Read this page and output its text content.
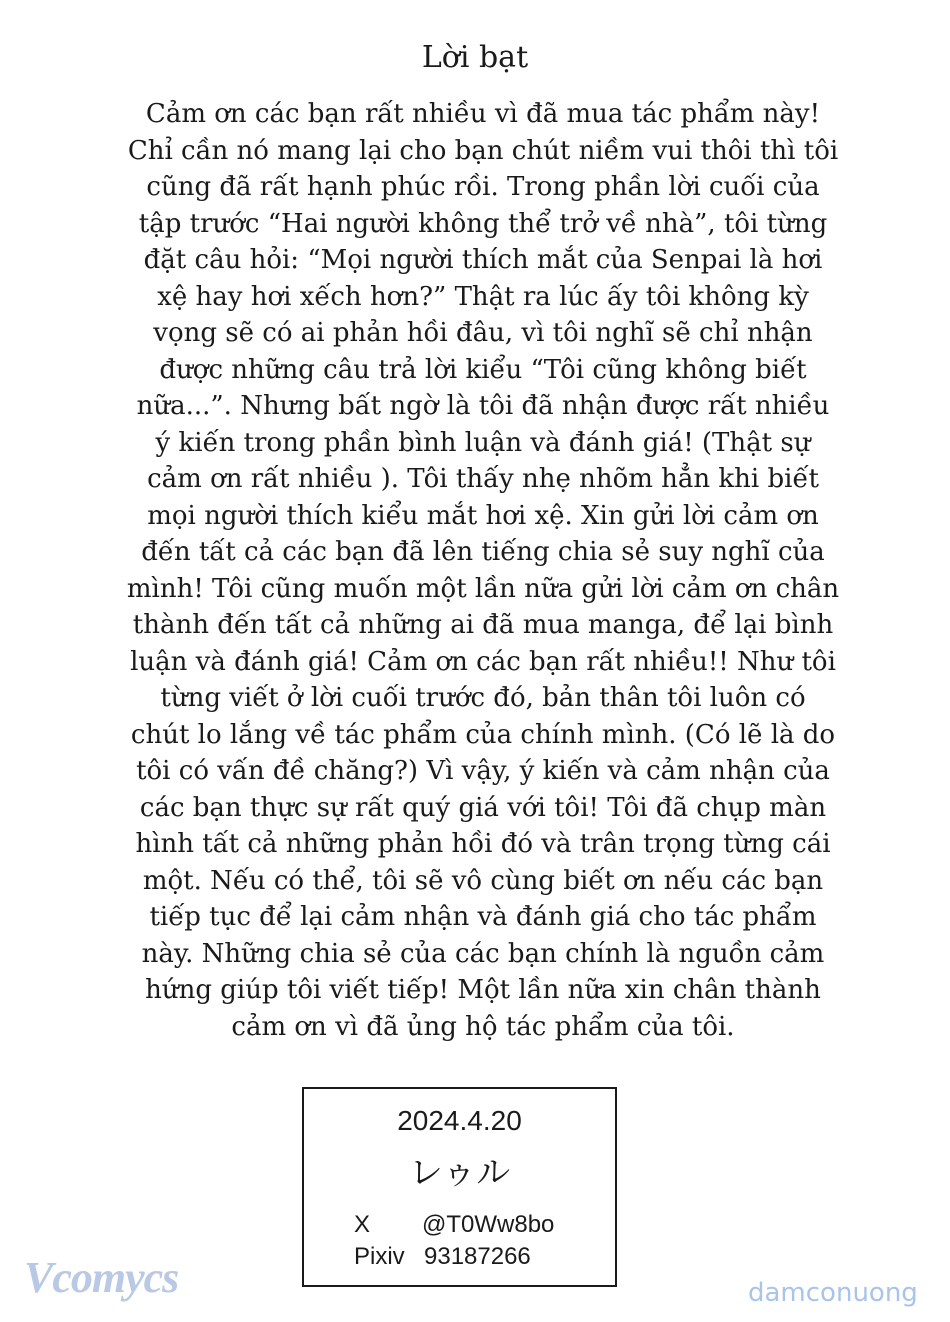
Lời bạt
Cảm ơn các bạn rất nhiều vì đã mua tác phẩm này!
Chỉ cần nó mang lại cho bạn chút niềm vui thôi thì tôi
cũng đã rất hạnh phúc rồi. Trong phần lời cuối của
tập trước “Hai người không thể trở về nhà”, tôi từng
đặt câu hỏi: “Mọi người thích mắt của Senpai là hơi
xệ hay hơi xếch hơn?” Thật ra lúc ấy tôi không kỳ
vọng sẽ có ai phản hồi đâu, vì tôi nghĩ sẽ chỉ nhận
được những câu trả lời kiểu “Tôi cũng không biết
nữa...”. Nhưng bất ngờ là tôi đã nhận được rất nhiều
ý kiến trong phần bình luận và đánh giá! (Thật sự
cảm ơn rất nhiều ). Tôi thấy nhẹ nhõm hẳn khi biết
mọi người thích kiểu mắt hơi xệ. Xin gửi lời cảm ơn
đến tất cả các bạn đã lên tiếng chia sẻ suy nghĩ của
mình! Tôi cũng muốn một lần nữa gửi lời cảm ơn chân
thành đến tất cả những ai đã mua manga, để lại bình
luận và đánh giá! Cảm ơn các bạn rất nhiều!! Như tôi
từng viết ở lời cuối trước đó, bản thân tôi luôn có
chút lo lắng về tác phẩm của chính mình. (Có lẽ là do
tôi có vấn đề chăng?) Vì vậy, ý kiến và cảm nhận của
các bạn thực sự rất quý giá với tôi! Tôi đã chụp màn
hình tất cả những phản hồi đó và trân trọng từng cái
một. Nếu có thể, tôi sẽ vô cùng biết ơn nếu các bạn
tiếp tục để lại cảm nhận và đánh giá cho tác phẩm
này. Những chia sẻ của các bạn chính là nguồn cảm
hứng giúp tôi viết tiếp! Một lần nữa xin chân thành
cảm ơn vì đã ủng hộ tác phẩm của tôi.
2024.4.20
レゥル
X @T0Ww8bo
Pixiv 93187266
Vcomycs	damconuong
